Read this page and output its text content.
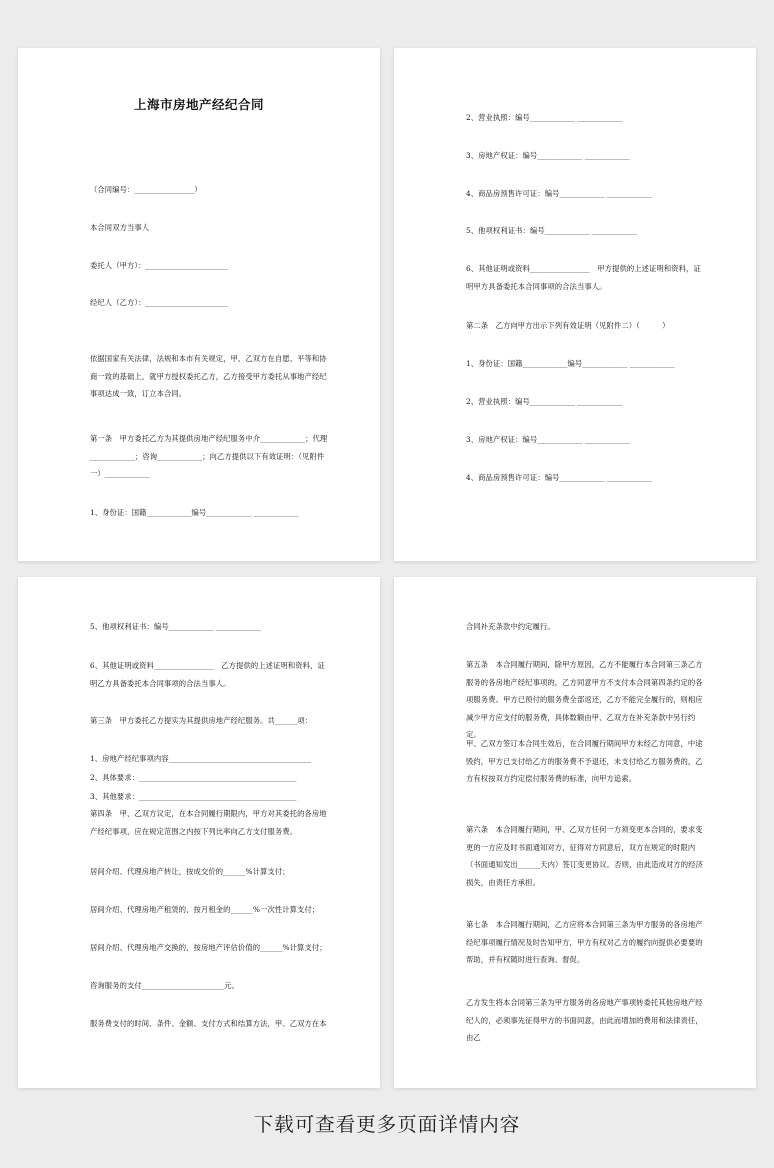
上海市房地产经纪合同
（合同编号：________________）
本合同双方当事人
委托人（甲方）：______________________
经纪人（乙方）：______________________
依据国家有关法律，法规和本市有关规定，甲、乙双方在自愿、平等和协商一致的基础上，就甲方授权委托乙方，乙方接受甲方委托从事地产经纪事项达成一致，订立本合同。
第一条　甲方委托乙方为其提供房地产经纪服务中介____________；代理____________；咨询____________；向乙方提供以下有效证明：（见附件一）____________
1、身份证：国籍____________编号____________ ____________
2、营业执照：编号____________ ____________
3、房地产权证：编号____________ ____________
4、商品房预售许可证：编号____________ ____________
5、他项权利证书：编号____________ ____________
6、其他证明或资料________________　甲方提供的上述证明和资料，证明甲方具备委托本合同事项的合法当事人。
第二条　乙方向甲方出示下列有效证明（见附件二）（　　　）
1、身份证：国籍____________编号____________ ____________
2、营业执照：编号____________ ____________
3、房地产权证：编号____________ ____________
4、商品房预售许可证：编号____________ ____________
5、他项权利证书：编号____________ ____________
6、其他证明或资料________________　乙方提供的上述证明和资料，证明乙方具备委托本合同事项的合法当事人。
第三条　甲方委托乙方提实为其提供房地产经纪服务。共______项：
1、房地产经纪事项内容______________________________________
2、具体要求：__________________________________________
3、其他要求：__________________________________________
第四条　甲、乙双方议定，在本合同履行期限内，甲方对其委托的各房地产经纪事项，应在规定范围之内按下列比率向乙方支付服务费。
居间介绍、代理房地产转让，按成交价的______%计算支付；
居间介绍、代理房地产租赁的，按月租金的______%一次性计算支付；
居间介绍、代理房地产交换的，按房地产评估价值的______%计算支付；
咨询服务的支付______________________元。
服务费支付的时间、条件、金额、支付方式和结算方法，甲、乙双方在本
合同补充条款中约定履行。
第五条　本合同履行期间，除甲方原因，乙方不能履行本合同第三条乙方服务的各房地产经纪事项的，乙方同意甲方不支付本合同第四条约定的各项服务费。甲方已预付的服务费全部返还，乙方不能完全履行的，则相应减少甲方应支付的服务费，具体数额由甲、乙双方在补充条款中另行约定。
甲、乙双方签订本合同生效后，在合同履行期间甲方未经乙方同意，中途毁约，甲方已支付给乙方的服务费不予退还，未支付给乙方服务费的，乙方有权按双方约定偿付服务费的标准，向甲方追索。
第六条　本合同履行期间，甲、乙双方任何一方须变更本合同的，要求变更的一方应及时书面通知对方，征得对方同意后，双方在规定的时限内（书面通知发出______天内）签订变更协议。否则，由此造成对方的经济损失，由责任方承担。
第七条　本合同履行期间，乙方应将本合同第三条为甲方服务的各房地产经纪事项履行情况及时告知甲方，甲方有权对乙方的履约向提供必要要的帮助，并有权随时进行查询、督促。
乙方发生将本合同第三条为甲方服务的各房地产事项转委托其他房地产经纪人的，必须事先征得甲方的书面同意，由此而增加的费用和法律责任，由乙
下载可查看更多页面详情内容
